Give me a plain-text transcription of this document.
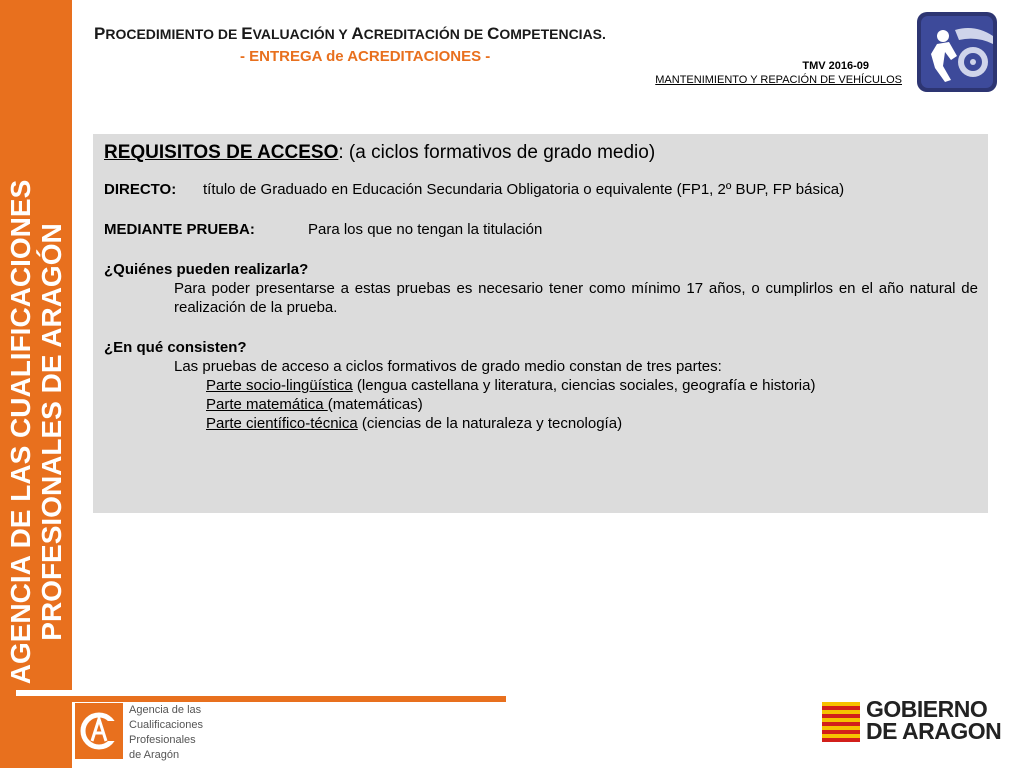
AGENCIA DE LAS CUALIFICACIONES PROFESIONALES DE ARAGÓN
PROCEDIMIENTO DE EVALUACIÓN Y ACREDITACIÓN DE COMPETENCIAS.
- ENTREGA de ACREDITACIONES -
TMV 2016-09
MANTENIMIENTO Y REPACIÓN DE VEHÍCULOS
REQUISITOS DE ACCESO: (a ciclos formativos de grado medio)
DIRECTO:	título de Graduado en Educación Secundaria Obligatoria o equivalente (FP1, 2º BUP, FP básica)
MEDIANTE PRUEBA:	Para los que no tengan la titulación
¿Quiénes pueden realizarla?
Para poder presentarse a estas pruebas es necesario tener como mínimo 17 años, o cumplirlos en el año natural de realización de la prueba.
¿En qué consisten?
Las pruebas de acceso a ciclos formativos de grado medio constan de tres partes:
Parte socio-lingüística (lengua castellana y literatura, ciencias sociales, geografía e historia)
Parte matemática (matemáticas)
Parte científico-técnica (ciencias de la naturaleza y tecnología)
Agencia de las
Cualificaciones
Profesionales
de Aragón
GOBIERNO
DE ARAGON
